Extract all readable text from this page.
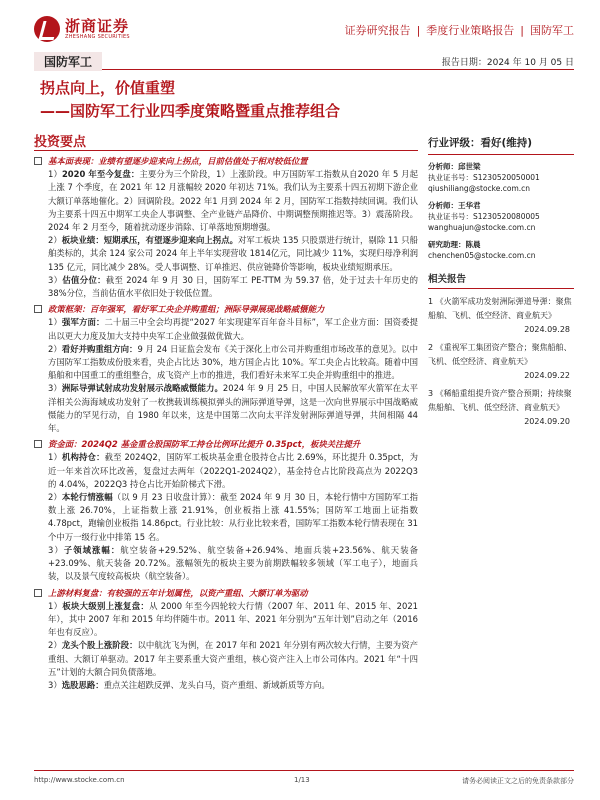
浙商证券
ZHESHANG SECURITIES	证券研究报告 | 季度行业策略报告 | 国防军工
国防军工	报告日期：2024 年 10 月 05 日
拐点向上，价值重塑
——国防军工行业四季度策略暨重点推荐组合
投资要点
基本面表现：业绩有望逐步迎来向上拐点，目前估值处于相对较低位置
1）2020 年至今复盘：主要分为三个阶段，1）上涨阶段。申万国防军工指数从自2020 年 5 月起上涨 7 个季度，在 2021 年 12 月涨幅较 2020 年初达 71%。我们认为主要系十四五初期下游企业大额订单落地催化。2）回调阶段。2022 年1 月到 2024 年 2 月，国防军工指数持续回调。我们认为主要系十四五中期军工央企人事调整、全产业链产品降价、中期调整预期推迟等。3）震荡阶段。2024 年 2 月至今，随着扰动逐步消除、订单落地预期增强。
2）板块业绩：短期承压，有望逐步迎来向上拐点。对军工板块 135 只股票进行统计，剔除 11 只船舶类标的，其余 124 家公司 2024 年上半年实现营收 1814亿元，同比减少 11%，实现归母净利润 135 亿元，同比减少 28%。受人事调整、订单推迟、供应链降价等影响，板块业绩短期承压。
3）估值分位：截至 2024 年 9 月 30 日，国防军工 PE-TTM 为 59.37 倍，处于过去十年历史的 38%分位，当前估值水平依旧处于较低位置。
政策框架：百年强军，看好军工央企并购重组；洲际导弹展现战略威慑能力
1）强军方面：二十届三中全会均再提“2027 年实现建军百年奋斗目标”，军工企业方面：国资委提出以更大力度及加大支持中央军工企业做强做优做大。
2）看好并购重组方向：9 月 24 日证监会发布《关于深化上市公司并购重组市场改革的意见》。以中方国防军工指数成份股来看，央企占比达 30%，地方国企占比 10%。军工央企占比较高。随着中国船舶和中国重工的重组整合，成飞资产上市的推进，我们看好未来军工央企并购重组中的推进。
3）洲际导弹试射成功发射展示战略威慑能力。2024 年 9 月 25 日，中国人民解放军火箭军在太平洋相关公海海域成功发射了一枚携载训练模拟弹头的洲际弹道导弹，这是一次向世界展示中国战略威慑能力的罕见行动，自 1980 年以来，这是中国第二次向太平洋发射洲际弹道导弹，共间相隔 44 年。
资金面：2024Q2 基金重仓股国防军工持仓比例环比提升 0.35pct，板块关注提升
1）机构持仓：截至 2024Q2，国防军工板块基金重仓股持仓占比 2.69%，环比提升 0.35pct，为近一年来首次环比改善，复盘过去两年（2022Q1-2024Q2），基金持仓占比阶段高点为 2022Q3 的 4.04%，2022Q3 持仓占比开始阶梯式下滑。
2）本轮行情涨幅（以 9 月 23 日收盘计算）：截至 2024 年 9 月 30 日，本轮行情中方国防军工指数上涨 26.70%，上证指数上涨 21.91%，创业板指上涨 41.55%；国防军工地面上证指数 4.78pct，跑输创业板指 14.86pct。行业比较：从行业比较来看，国防军工指数本轮行情表现在 31 个中万一级行业中排第 15 名。
3）子领域涨幅：航空装备+29.52%、航空装备+26.94%、地面兵装+23.56%、航天装备+23.09%、航天装备 20.72%。涨幅领先的板块主要为前期跌幅较多领域（军工电子），地面兵装，以及景气度较高板块（航空装备）。
上游材料复盘：有较强的五年计划属性，以资产重组、大额订单为驱动
1）板块大级别上涨复盘：从 2000 年至今四轮较大行情（2007 年、2011 年、2015 年、2021 年），其中 2007 年和 2015 年均伴随牛市。2011 年、2021 年分别为“五年计划”启动之年（2016 年也有反应）。
2）龙头个股上涨阶段：以中航沈飞为例，在 2017 年和 2021 年分别有两次较大行情，主要为资产重组、大额订单驱动。2017 年主要系重大资产重组，核心资产注入上市公司体内。2021 年“十四五”计划的大额合同负债落地。
3）选股思路：重点关注超跌反弹、龙头白马，资产重组、新域新质等方向。
行业评级：看好(维持)
分析师：邱世梁
执业证书号：S1230520050001
qiushiliang@stocke.com.cn
分析师：王华君
执业证书号：S1230520080005
wanghuajun@stocke.com.cn
研究助理：陈晨
chenchen05@stocke.com.cn
相关报告
1 《火箭军成功发射洲际弹道导弹：聚焦船舶、飞机、低空经济、商业航天》
2024.09.28
2 《重视军工集团资产整合；聚焦船舶、飞机、低空经济、商业航天》
2024.09.22
3 《稀船重组提升资产整合预期；持续聚焦船舶、飞机、低空经济、商业航天》
2024.09.20
http://www.stocke.com.cn	1/13	请务必阅读正文之后的免责条款部分
